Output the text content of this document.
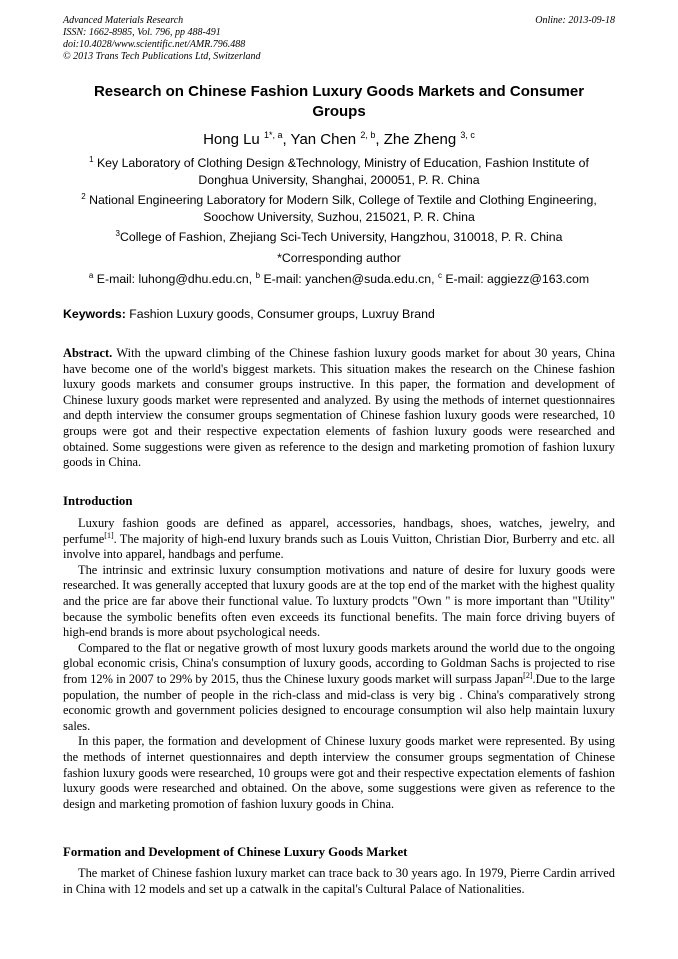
Advanced Materials Research
ISSN: 1662-8985, Vol. 796, pp 488-491
doi:10.4028/www.scientific.net/AMR.796.488
© 2013 Trans Tech Publications Ltd, Switzerland
Online: 2013-09-18
Research on Chinese Fashion Luxury Goods Markets and Consumer Groups
Hong Lu $^{1*, a}$, Yan Chen $^{2, b}$, Zhe Zheng $^{3, c}$
$^1$ Key Laboratory of Clothing Design &Technology, Ministry of Education, Fashion Institute of
Donghua University, Shanghai, 200051, P. R. China
$^2$ National Engineering Laboratory for Modern Silk, College of Textile and Clothing Engineering,
Soochow University, Suzhou, 215021, P. R. China
$^3$College of Fashion, Zhejiang Sci-Tech University, Hangzhou, 310018, P. R. China
*Corresponding author
$^a$ E-mail: luhong@dhu.edu.cn, $^b$ E-mail: yanchen@suda.edu.cn, $^c$ E-mail: aggiezz@163.com
Keywords: Fashion Luxury goods, Consumer groups, Luxruy Brand

Abstract. With the upward climbing of the Chinese fashion luxury goods market for about 30 years, China have become one of the world's biggest markets. This situation makes the research on the Chinese fashion luxury goods markets and consumer groups instructive. In this paper, the formation and development of Chinese luxury goods market were represented and analyzed. By using the methods of internet questionnaires and depth interview the consumer groups segmentation of Chinese fashion luxury goods were researched, 10 groups were got and their respective expectation elements of fashion luxury goods were researched and obtained. Some suggestions were given as reference to the design and marketing promotion of fashion luxury goods in China.

Introduction

Luxury fashion goods are defined as apparel, accessories, handbags, shoes, watches, jewelry, and perfume[1]. The majority of high-end luxury brands such as Louis Vuitton, Christian Dior, Burberry and etc. all involve into apparel, handbags and perfume.

The intrinsic and extrinsic luxury consumption motivations and nature of desire for luxury goods were researched. It was generally accepted that luxury goods are at the top end of the market with the highest quality and the price are far above their functional value. To luxtury prodcts "Own " is more important than "Utility" because the symbolic benefits often even exceeds its functional benefits. The main force driving buyers of high-end brands is more about psychological needs.

Compared to the flat or negative growth of most luxury goods markets around the world due to the ongoing global economic crisis, China's consumption of luxury goods, according to Goldman Sachs is projected to rise from 12% in 2007 to 29% by 2015, thus the Chinese luxury goods market will surpass Japan[2].Due to the large population, the number of people in the rich-class and mid-class is very big . China's comparatively strong economic growth and government policies designed to encourage consumption wil also help maintain luxury sales.

In this paper, the formation and development of Chinese luxury goods market were represented. By using the methods of internet questionnaires and depth interview the consumer groups segmentation of Chinese fashion luxury goods were researched, 10 groups were got and their respective expectation elements of fashion luxury goods were researched and obtained. On the above, some suggestions were given as reference to the design and marketing promotion of fashion luxury goods in China.

Formation and Development of Chinese Luxury Goods Market

The market of Chinese fashion luxury market can trace back to 30 years ago. In 1979, Pierre Cardin arrived in China with 12 models and set up a catwalk in the capital's Cultural Palace of Nationalities.
